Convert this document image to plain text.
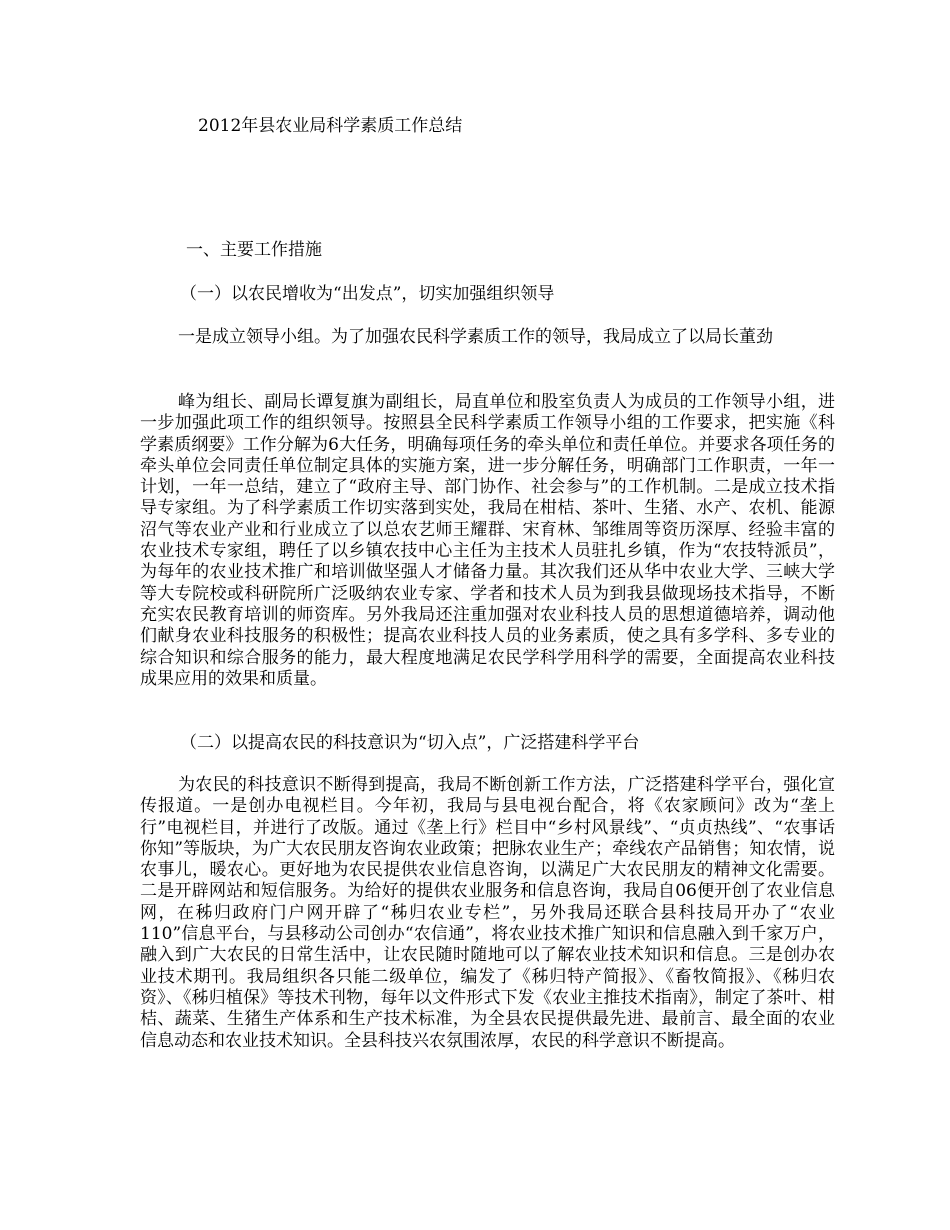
2012年县农业局科学素质工作总结
一、主要工作措施
（一）以农民增收为“出发点”，切实加强组织领导

一是成立领导小组。为了加强农民科学素质工作的领导，我局成立了以局长董劲

峰为组长、副局长谭复旗为副组长，局直单位和股室负责人为成员的工作领导小组，进一步加强此项工作的组织领导。按照县全民科学素质工作领导小组的工作要求，把实施《科学素质纲要》工作分解为6大任务，明确每项任务的牵头单位和责任单位。并要求各项任务的牵头单位会同责任单位制定具体的实施方案，进一步分解任务，明确部门工作职责，一年一计划，一年一总结，建立了“政府主导、部门协作、社会参与”的工作机制。二是成立技术指导专家组。为了科学素质工作切实落到实处，我局在柑桔、茶叶、生猪、水产、农机、能源沼气等农业产业和行业成立了以总农艺师王耀群、宋育林、邹维周等资历深厚、经验丰富的农业技术专家组，聘任了以乡镇农技中心主任为主技术人员驻扎乡镇，作为“农技特派员”，为每年的农业技术推广和培训做坚强人才储备力量。其次我们还从华中农业大学、三峡大学等大专院校或科研院所广泛吸纳农业专家、学者和技术人员为到我县做现场技术指导，不断充实农民教育培训的师资库。另外我局还注重加强对农业科技人员的思想道德培养，调动他们献身农业科技服务的积极性；提高农业科技人员的业务素质，使之具有多学科、多专业的综合知识和综合服务的能力，最大程度地满足农民学科学用科学的需要，全面提高农业科技成果应用的效果和质量。

（二）以提高农民的科技意识为“切入点”，广泛搭建科学平台

为农民的科技意识不断得到提高，我局不断创新工作方法，广泛搭建科学平台，强化宣传报道。一是创办电视栏目。今年初，我局与县电视台配合，将《农家顾问》改为“垄上行”电视栏目，并进行了改版。通过《垄上行》栏目中“乡村风景线”、“贞贞热线”、“农事话你知”等版块，为广大农民朋友咨询农业政策；把脉农业生产；牵线农产品销售；知农情，说农事儿，暖农心。更好地为农民提供农业信息咨询，以满足广大农民朋友的精神文化需要。二是开辟网站和短信服务。为给好的提供农业服务和信息咨询，我局自06便开创了农业信息网，在秭归政府门户网开辟了“秭归农业专栏”，另外我局还联合县科技局开办了“农业110”信息平台，与县移动公司创办“农信通”，将农业技术推广知识和信息融入到千家万户，融入到广大农民的日常生活中，让农民随时随地可以了解农业技术知识和信息。三是创办农业技术期刊。我局组织各只能二级单位，编发了《秭归特产简报》、《畜牧简报》、《秭归农资》、《秭归植保》等技术刊物，每年以文件形式下发《农业主推技术指南》，制定了茶叶、柑桔、蔬菜、生猪生产体系和生产技术标准，为全县农民提供最先进、最前言、最全面的农业信息动态和农业技术知识。全县科技兴农氛围浓厚，农民的科学意识不断提高。
